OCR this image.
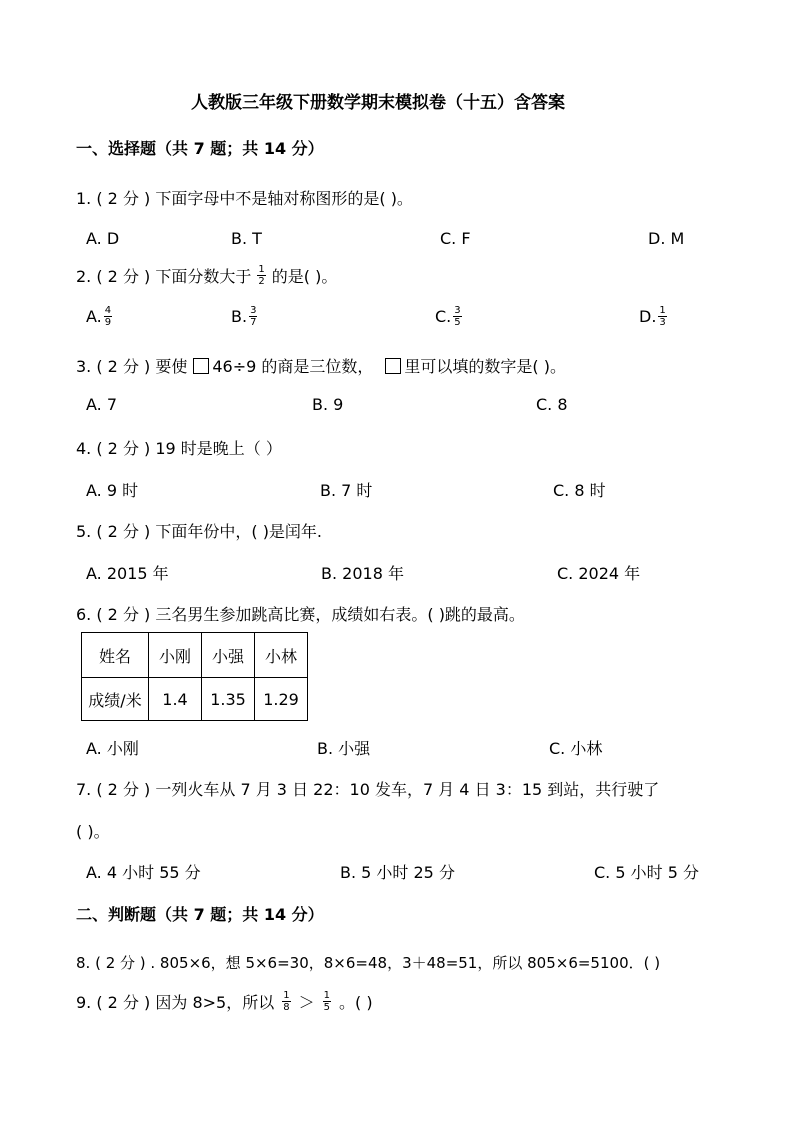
人教版三年级下册数学期末模拟卷（十五）含答案
一、选择题（共 7 题；共 14 分）
1. ( 2 分 ) 下面字母中不是轴对称图形的是( )。
A. D	B. T	C. F	D. M
2. ( 2 分 ) 下面分数大于 $\frac{1}{2}$ 的是( )。
A. $\frac{4}{9}$	B. $\frac{3}{7}$	C. $\frac{3}{5}$	D. $\frac{1}{3}$
3. ( 2 分 ) 要使 46÷9 的商是三位数， 里可以填的数字是( )。
A. 7	B. 9	C. 8
4. ( 2 分 ) 19 时是晚上（ ）
A. 9 时	B. 7 时	C. 8 时
5. ( 2 分 ) 下面年份中，( )是闰年.
A. 2015 年	B. 2018 年	C. 2024 年
6. ( 2 分 ) 三名男生参加跳高比赛，成绩如右表。( )跳的最高。
姓名	小刚	小强	小林
成绩/米	1.4	1.35	1.29
A. 小刚	B. 小强	C. 小林
7. ( 2 分 ) 一列火车从 7 月 3 日 22：10 发车，7 月 4 日 3：15 到站，共行驶了
( )。
A. 4 小时 55 分	B. 5 小时 25 分	C. 5 小时 5 分
二、判断题（共 7 题；共 14 分）
8. ( 2 分 ) . 805×6，想 5×6=30，8×6=48，3＋48=51，所以 805×6=5100．( )
9. ( 2 分 ) 因为 8>5，所以 $\frac{1}{8} > \frac{1}{5}$ 。( )
